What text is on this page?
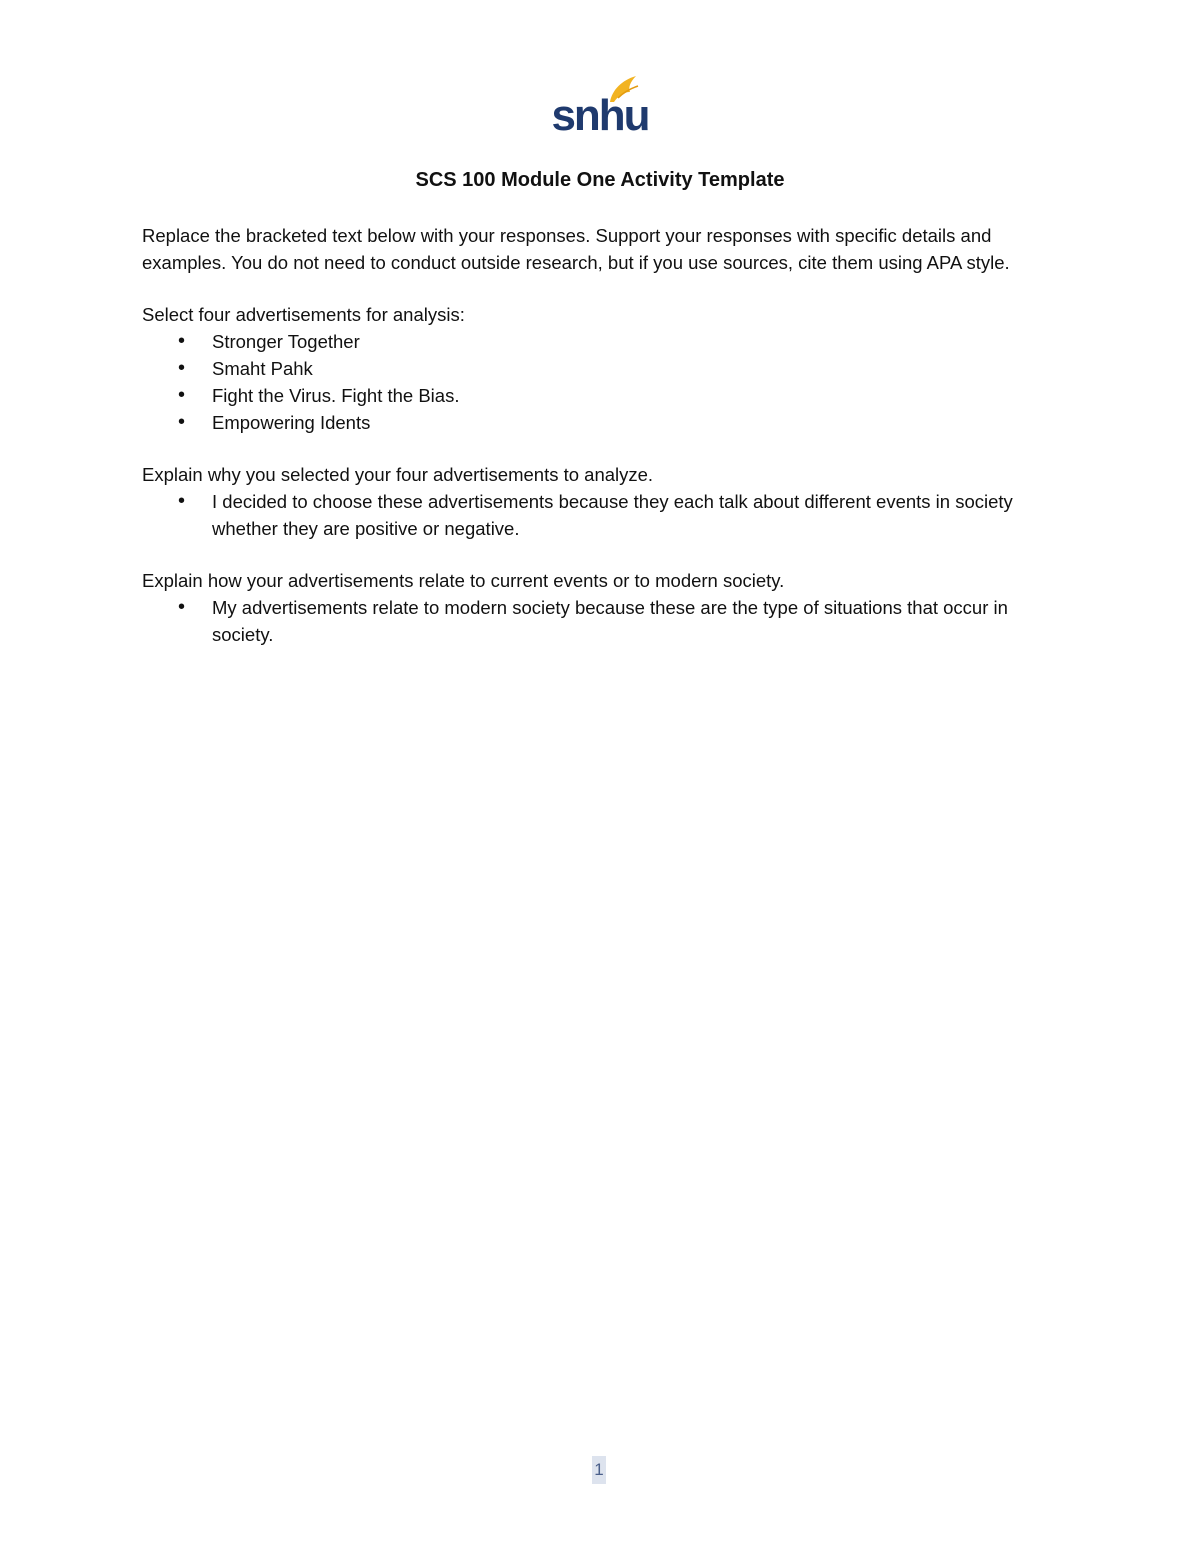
snhu
SCS 100 Module One Activity Template

Replace the bracketed text below with your responses. Support your responses with specific details and examples. You do not need to conduct outside research, but if you use sources, cite them using APA style.

Select four advertisements for analysis:

• Stronger Together
• Smaht Pahk
• Fight the Virus. Fight the Bias.
• Empowering Idents

Explain why you selected your four advertisements to analyze.

• I decided to choose these advertisements because they each talk about different events in society whether they are positive or negative.

Explain how your advertisements relate to current events or to modern society.

• My advertisements relate to modern society because these are the type of situations that occur in society.
1
